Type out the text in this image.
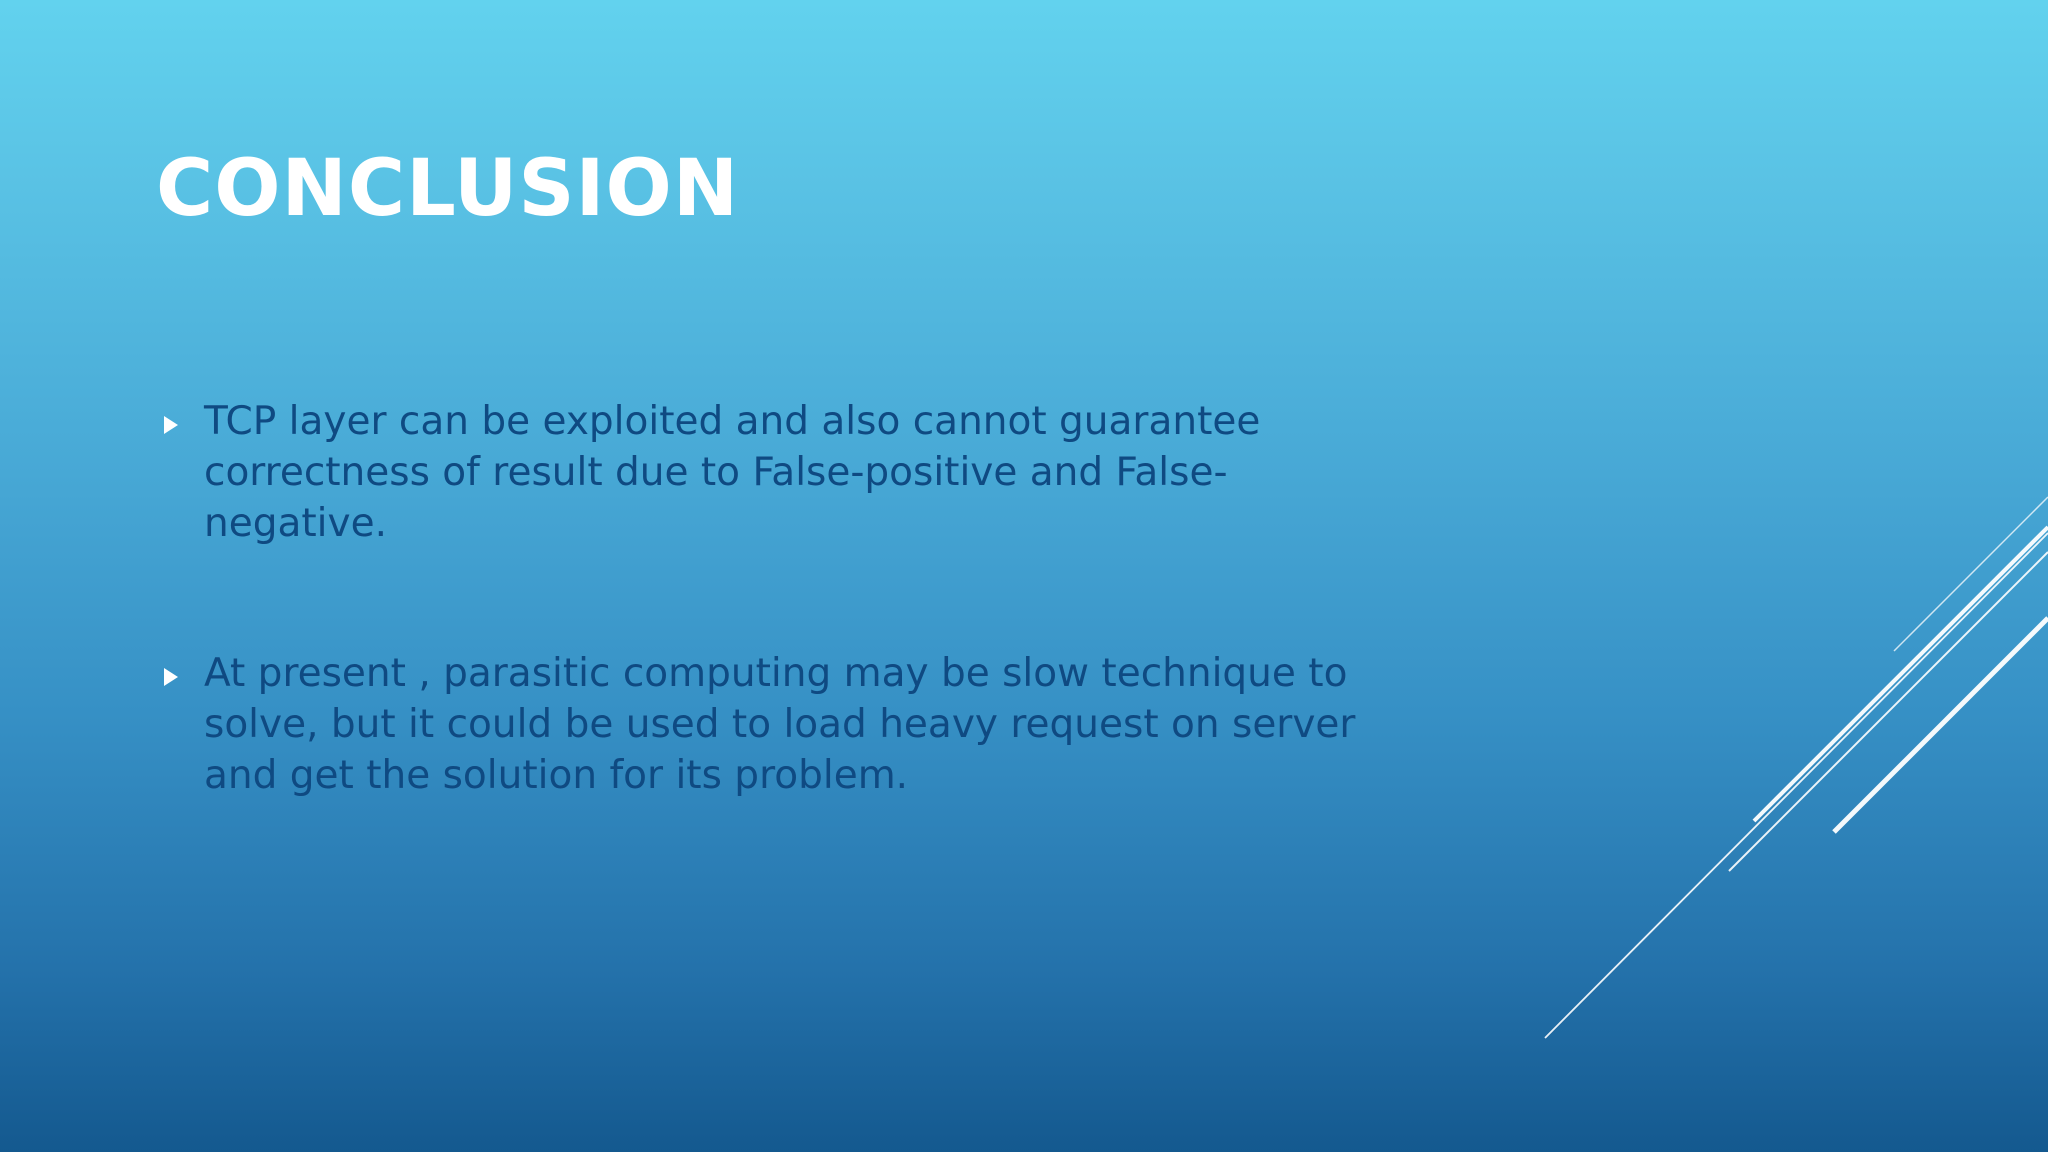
CONCLUSION
TCP layer can be exploited and also cannot guarantee correctness of result due to False-positive and False-negative.
At present , parasitic computing may be slow technique to solve, but it could be used to load heavy request on server and get the solution for its problem.
